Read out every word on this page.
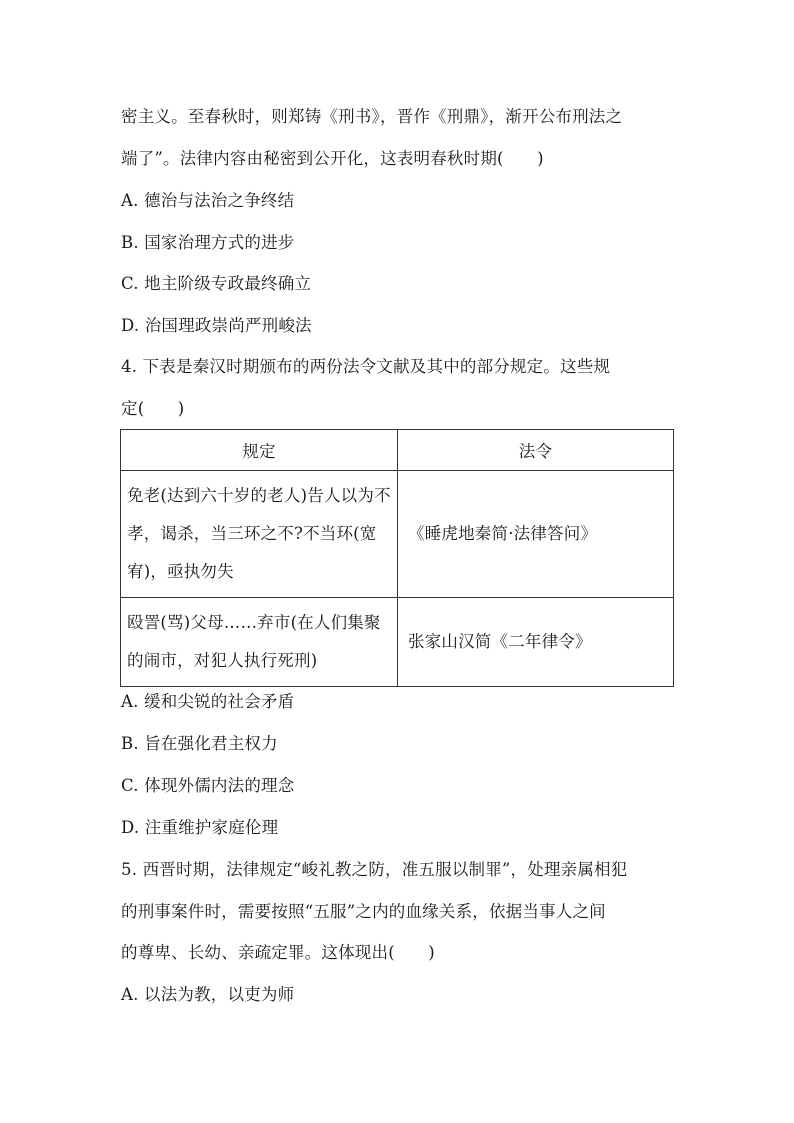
密主义。至春秋时，则郑铸《刑书》，晋作《刑鼎》，渐开公布刑法之
端了”。法律内容由秘密到公开化，这表明春秋时期(　　)
A. 德治与法治之争终结
B. 国家治理方式的进步
C. 地主阶级专政最终确立
D. 治国理政崇尚严刑峻法
4. 下表是秦汉时期颁布的两份法令文献及其中的部分规定。这些规
定(　　)
规定	法令
免老(达到六十岁的老人)告人以为不孝，谒杀，当三环之不?不当环(宽宥)，亟执勿失	《睡虎地秦简·法律答问》
殴詈(骂)父母……弃市(在人们集聚的闹市，对犯人执行死刑)	张家山汉简《二年律令》
A. 缓和尖锐的社会矛盾
B. 旨在强化君主权力
C. 体现外儒内法的理念
D. 注重维护家庭伦理
5. 西晋时期，法律规定“峻礼教之防，准五服以制罪”，处理亲属相犯
的刑事案件时，需要按照“五服”之内的血缘关系，依据当事人之间
的尊卑、长幼、亲疏定罪。这体现出(　　)
A. 以法为教，以吏为师
